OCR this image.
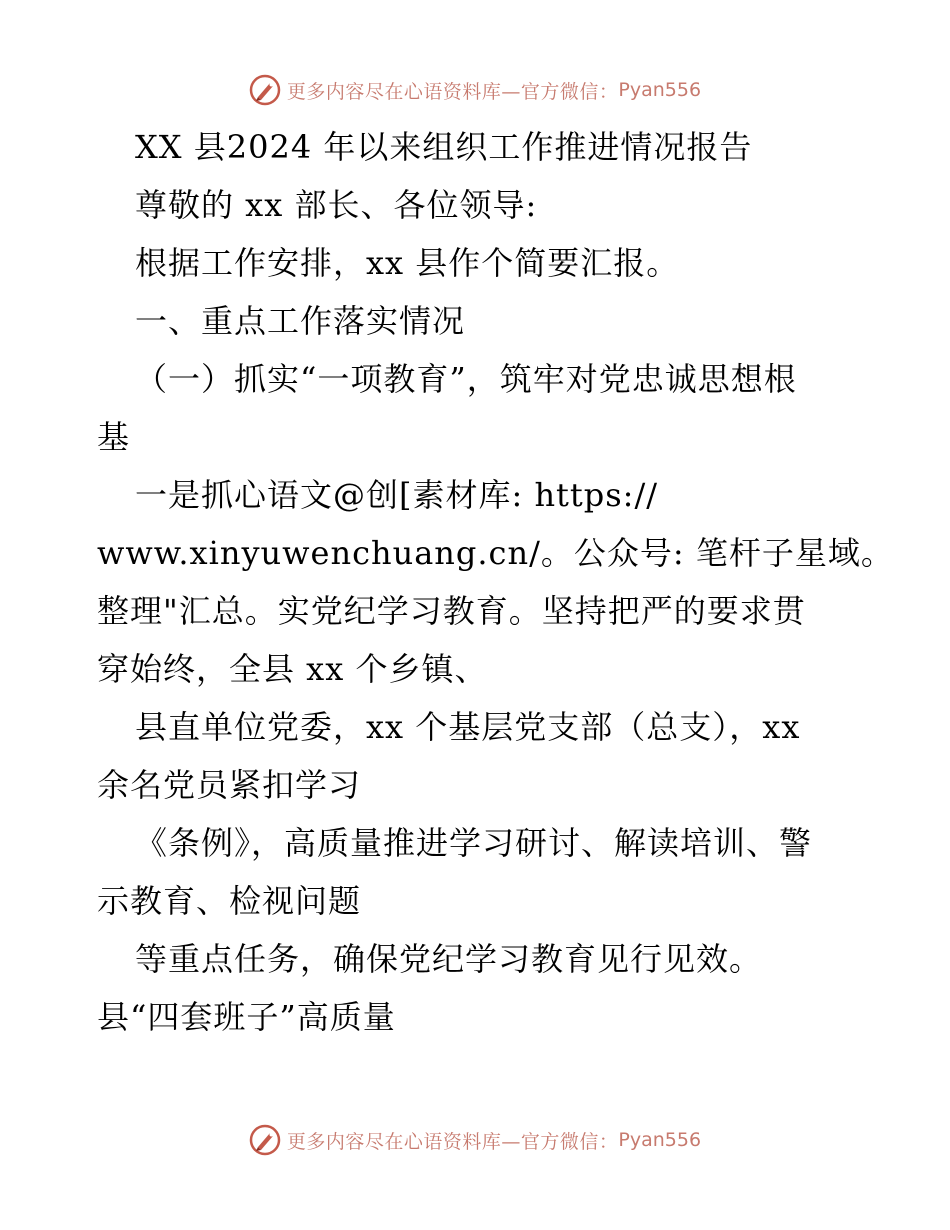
更多内容尽在心语资料库—官方微信： Pyan556
XX 县2024 年以来组织工作推进情况报告
尊敬的 xx 部长、各位领导:
根据工作安排，xx 县作个简要汇报。
一、重点工作落实情况
（一）抓实“一项教育”，筑牢对党忠诚思想根
基
一是抓心语文@创[素材库: https://
www.xinyuwenchuang.cn/。公众号: 笔杆子星域。
整理"汇总。实党纪学习教育。坚持把严的要求贯
穿始终，全县 xx 个乡镇、
县直单位党委，xx 个基层党支部（总支），xx
余名党员紧扣学习
《条例》，高质量推进学习研讨、解读培训、警
示教育、检视问题
等重点任务，确保党纪学习教育见行见效。
县“四套班子”高质量
更多内容尽在心语资料库—官方微信： Pyan556
